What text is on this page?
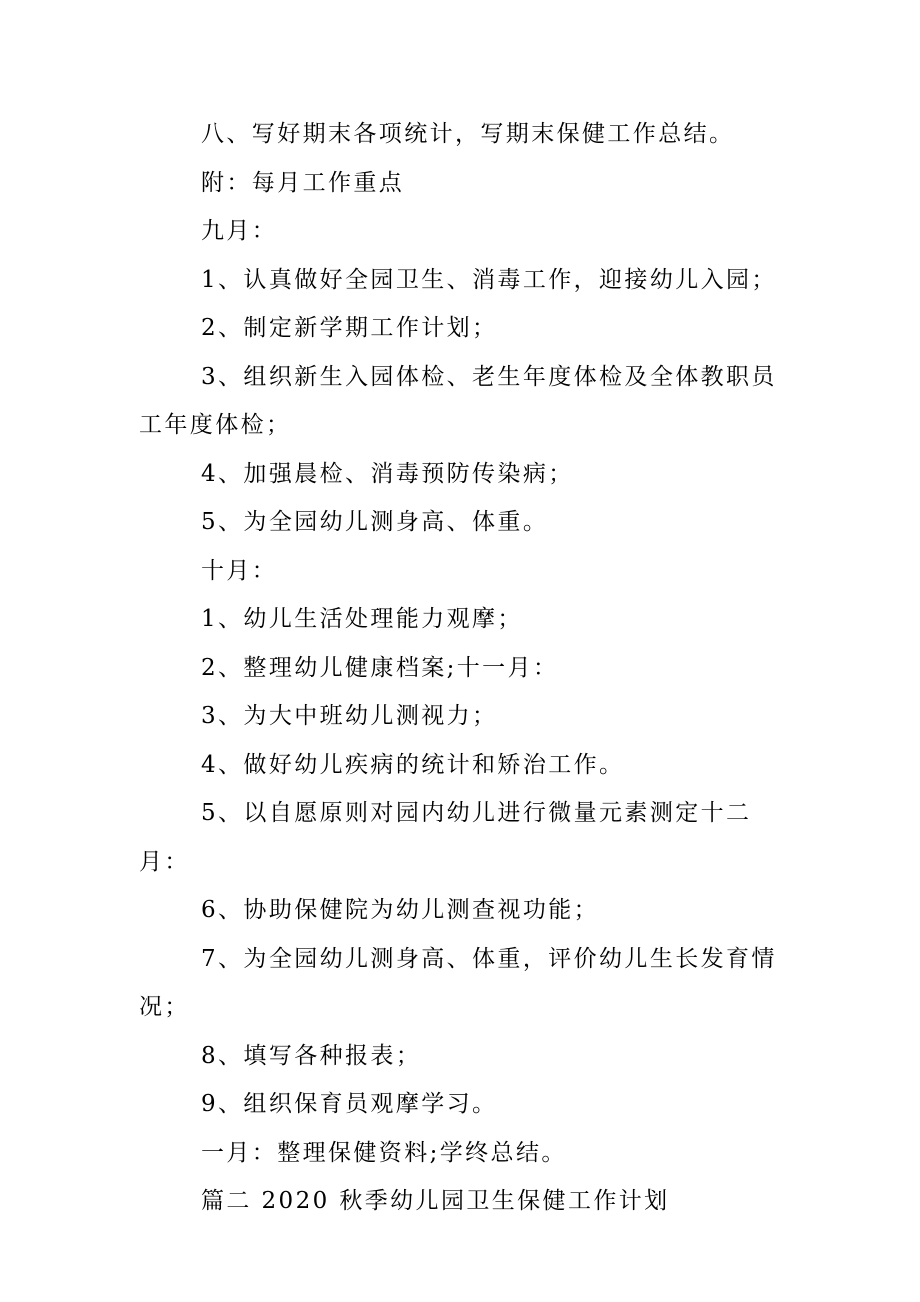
八、写好期末各项统计，写期末保健工作总结。

附：每月工作重点

九月：

1、认真做好全园卫生、消毒工作，迎接幼儿入园；

2、制定新学期工作计划；

3、组织新生入园体检、老生年度体检及全体教职员工年度体检；

4、加强晨检、消毒预防传染病；

5、为全园幼儿测身高、体重。

十月：

1、幼儿生活处理能力观摩；

2、整理幼儿健康档案;十一月：

3、为大中班幼儿测视力；

4、做好幼儿疾病的统计和矫治工作。

5、以自愿原则对园内幼儿进行微量元素测定十二月：

6、协助保健院为幼儿测查视功能；

7、为全园幼儿测身高、体重，评价幼儿生长发育情况；

8、填写各种报表；

9、组织保育员观摩学习。

一月：整理保健资料;学终总结。

篇二 2020 秋季幼儿园卫生保健工作计划
